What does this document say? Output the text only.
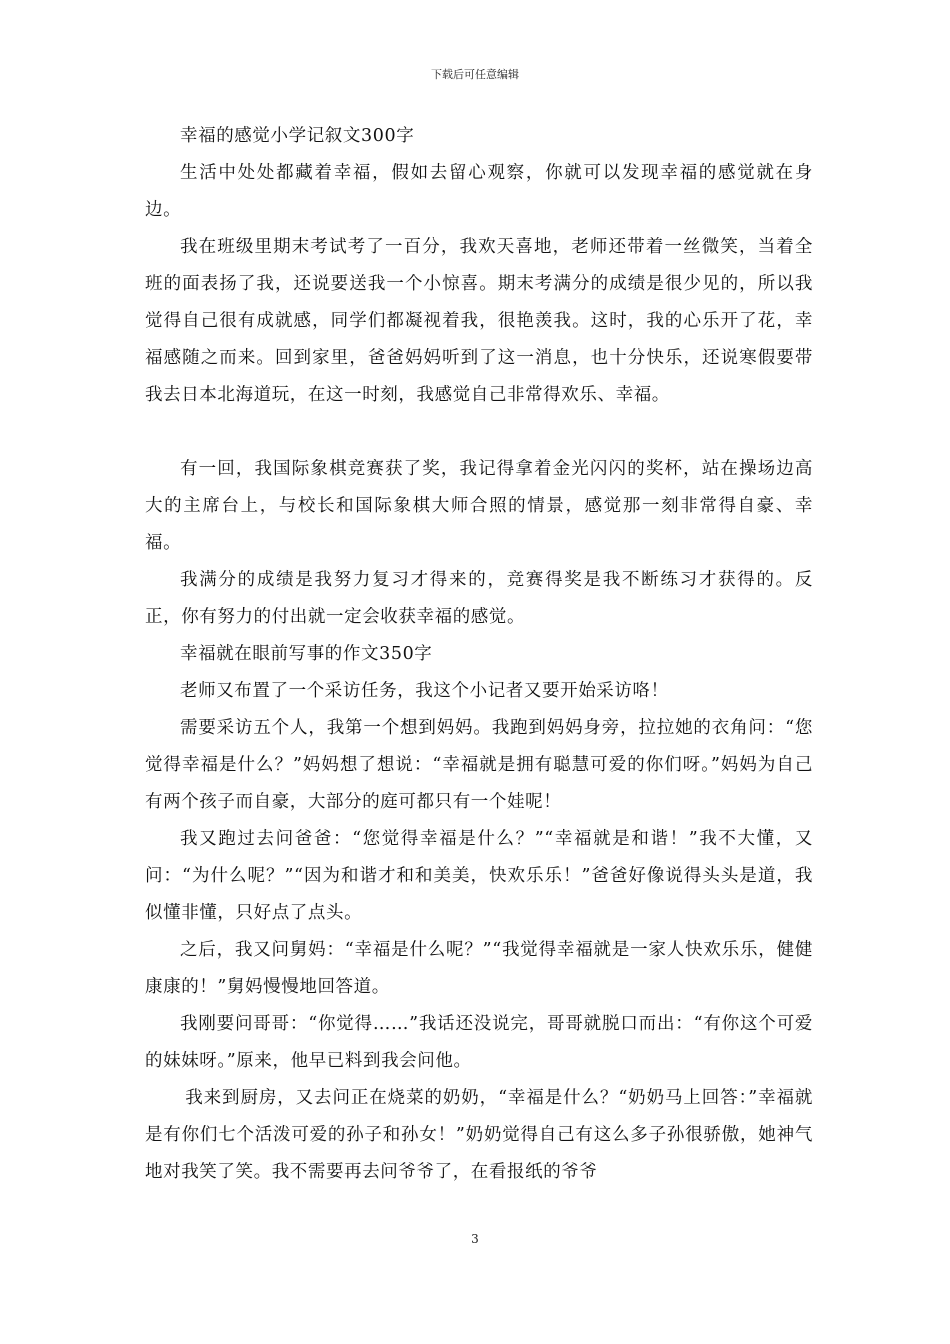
下载后可任意编辑

幸福的感觉小学记叙文300字

生活中处处都藏着幸福，假如去留心观察，你就可以发现幸福的感觉就在身边。

我在班级里期末考试考了一百分，我欢天喜地，老师还带着一丝微笑，当着全班的面表扬了我，还说要送我一个小惊喜。期末考满分的成绩是很少见的，所以我觉得自己很有成就感，同学们都凝视着我，很艳羡我。这时，我的心乐开了花，幸福感随之而来。回到家里，爸爸妈妈听到了这一消息，也十分快乐，还说寒假要带我去日本北海道玩，在这一时刻，我感觉自己非常得欢乐、幸福。

有一回，我国际象棋竞赛获了奖，我记得拿着金光闪闪的奖杯，站在操场边高大的主席台上，与校长和国际象棋大师合照的情景，感觉那一刻非常得自豪、幸福。

我满分的成绩是我努力复习才得来的，竞赛得奖是我不断练习才获得的。反正，你有努力的付出就一定会收获幸福的感觉。

幸福就在眼前写事的作文350字

老师又布置了一个采访任务，我这个小记者又要开始采访咯！

需要采访五个人，我第一个想到妈妈。我跑到妈妈身旁，拉拉她的衣角问：“您觉得幸福是什么？”妈妈想了想说：“幸福就是拥有聪慧可爱的你们呀。”妈妈为自己有两个孩子而自豪，大部分的庭可都只有一个娃呢！

我又跑过去问爸爸：“您觉得幸福是什么？”“幸福就是和谐！”我不大懂，又问：“为什么呢？”“因为和谐才和和美美，快欢乐乐！”爸爸好像说得头头是道，我似懂非懂，只好点了点头。

之后，我又问舅妈：“幸福是什么呢？”“我觉得幸福就是一家人快欢乐乐，健健康康的！”舅妈慢慢地回答道。

我刚要问哥哥：“你觉得……”我话还没说完，哥哥就脱口而出：“有你这个可爱的妹妹呀。”原来，他早已料到我会问他。

我来到厨房，又去问正在烧菜的奶奶，“幸福是什么？“奶奶马上回答：”幸福就是有你们七个活泼可爱的孙子和孙女！”奶奶觉得自己有这么多子孙很骄傲，她神气地对我笑了笑。我不需要再去问爷爷了，在看报纸的爷爷

3
